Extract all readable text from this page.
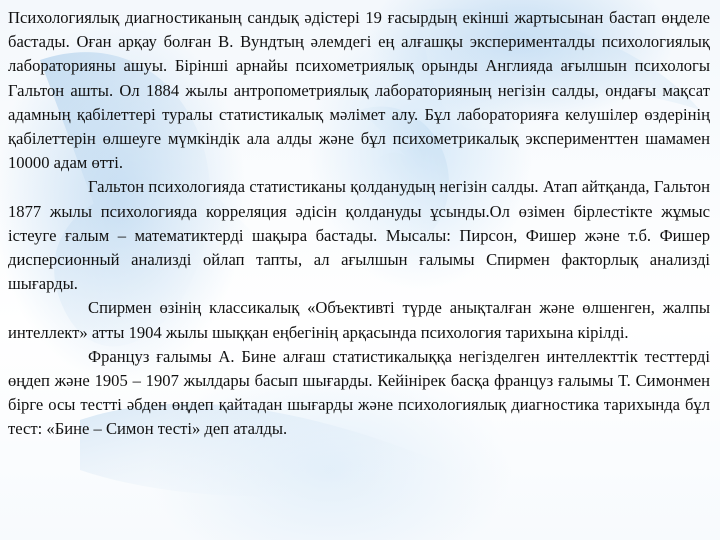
Психологиялық диагностиканың сандық әдістері 19 ғасырдың екінші жартысынан бастап өңделе бастады. Оған арқау болған В. Вундтың әлемдегі ең алғашқы эксперименталды психологиялық лабораторияны ашуы. Бірінші арнайы психометриялық орынды Англияда ағылшын психологы Гальтон ашты. Ол 1884 жылы антропометриялық лабораторияның негізін салды, ондағы мақсат адамның қабілеттері туралы статистикалық мәлімет алу. Бұл лабораторияға келушілер өздерінің қабілеттерін өлшеуге мүмкіндік ала алды және бұл психометрикалық эксперименттен шамамен 10000 адам өтті.

Гальтон психологияда статистиканы қолданудың негізін салды. Атап айтқанда, Гальтон 1877 жылы психологияда корреляция әдісін қолдануды ұсынды.Ол өзімен бірлестікте жұмыс істеуге ғалым – математиктерді шақыра бастады. Мысалы: Пирсон, Фишер және т.б. Фишер дисперсионный анализді ойлап тапты, ал ағылшын ғалымы Спирмен факторлық анализді шығарды.

Спирмен өзінің классикалық «Объективті түрде анықталған және өлшенген, жалпы интеллект» атты 1904 жылы шыққан еңбегінің арқасында психология тарихына кірілді.

Француз ғалымы А. Бине алғаш статистикалыққа негізделген интеллекттік тесттерді өңдеп және 1905 – 1907 жылдары басып шығарды. Кейінірек басқа француз ғалымы Т. Симонмен бірге осы тестті әбден өңдеп қайтадан шығарды және психологиялық диагностика тарихында бұл тест: «Бине – Симон тесті» деп аталды.
